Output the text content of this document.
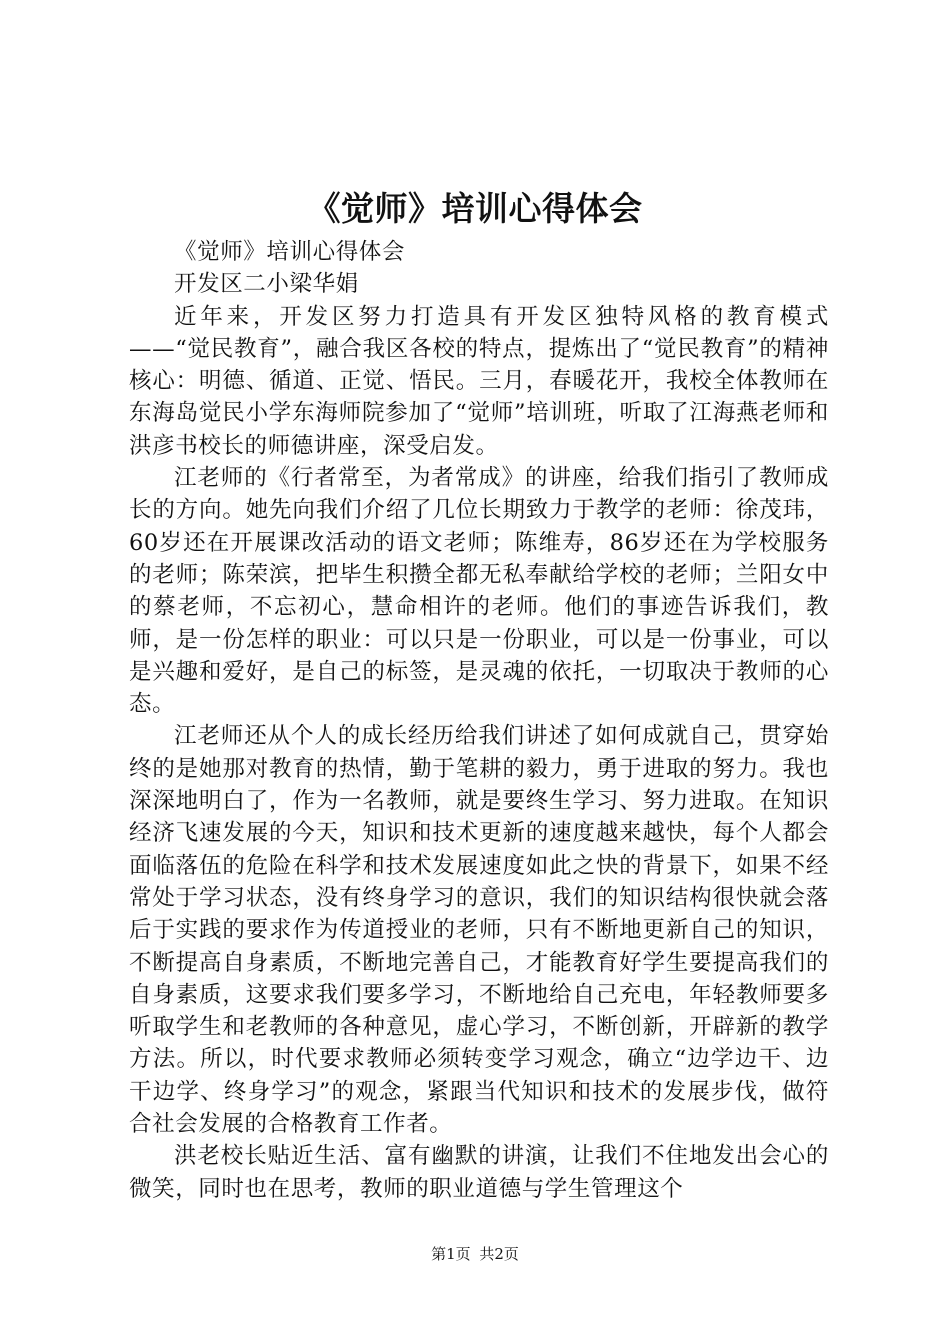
《觉师》培训心得体会

《觉师》培训心得体会

开发区二小梁华娟

近年来，开发区努力打造具有开发区独特风格的教育模式——“觉民教育”，融合我区各校的特点，提炼出了“觉民教育”的精神核心：明德、循道、正觉、悟民。三月，春暖花开，我校全体教师在东海岛觉民小学东海师院参加了“觉师”培训班，听取了江海燕老师和洪彦书校长的师德讲座，深受启发。

江老师的《行者常至，为者常成》的讲座，给我们指引了教师成长的方向。她先向我们介绍了几位长期致力于教学的老师：徐茂玮，60岁还在开展课改活动的语文老师；陈维寿，86岁还在为学校服务的老师；陈荣滨，把毕生积攒全都无私奉献给学校的老师；兰阳女中的蔡老师，不忘初心，慧命相许的老师。他们的事迹告诉我们，教师，是一份怎样的职业：可以只是一份职业，可以是一份事业，可以是兴趣和爱好，是自己的标签，是灵魂的依托，一切取决于教师的心态。

江老师还从个人的成长经历给我们讲述了如何成就自己，贯穿始终的是她那对教育的热情，勤于笔耕的毅力，勇于进取的努力。我也深深地明白了，作为一名教师，就是要终生学习、努力进取。在知识经济飞速发展的今天，知识和技术更新的速度越来越快，每个人都会面临落伍的危险在科学和技术发展速度如此之快的背景下，如果不经常处于学习状态，没有终身学习的意识，我们的知识结构很快就会落后于实践的要求作为传道授业的老师，只有不断地更新自己的知识，不断提高自身素质，不断地完善自己，才能教育好学生要提高我们的自身素质，这要求我们要多学习，不断地给自己充电，年轻教师要多听取学生和老教师的各种意见，虚心学习，不断创新，开辟新的教学方法。所以，时代要求教师必须转变学习观念，确立“边学边干、边干边学、终身学习”的观念，紧跟当代知识和技术的发展步伐，做符合社会发展的合格教育工作者。

洪老校长贴近生活、富有幽默的讲演，让我们不住地发出会心的微笑，同时也在思考，教师的职业道德与学生管理这个

第1页 共2页
